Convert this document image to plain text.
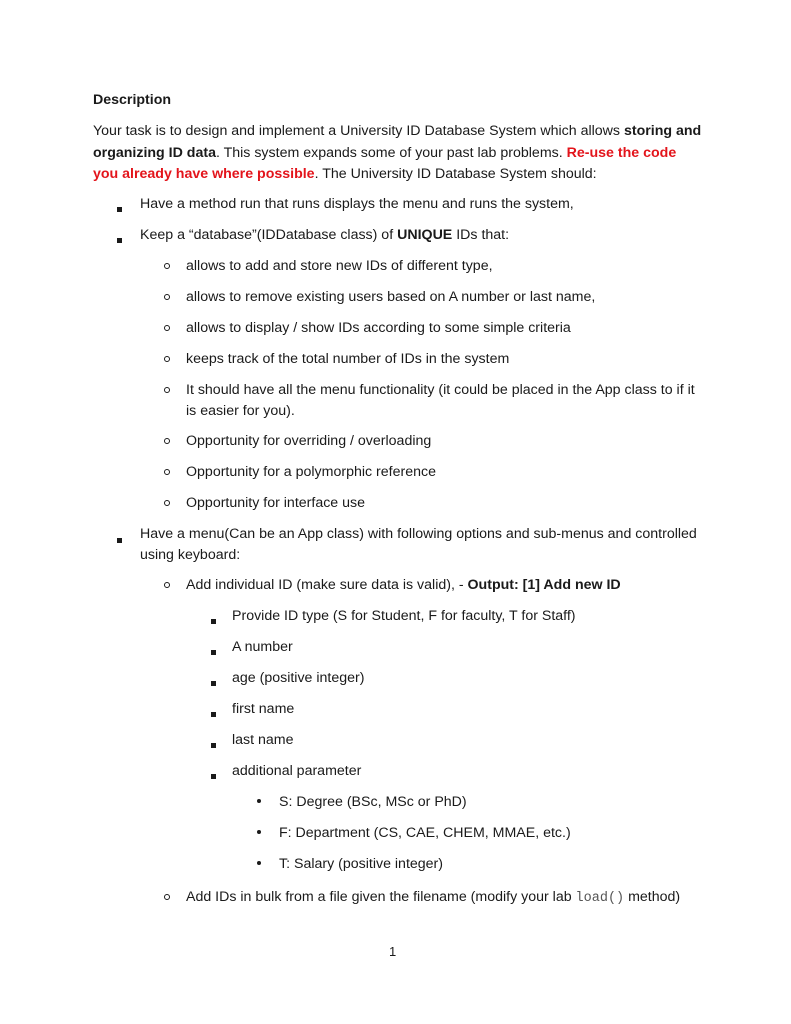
Description
Your task is to design and implement a University ID Database System which allows storing and organizing ID data. This system expands some of your past lab problems. Re-use the code you already have where possible. The University ID Database System should:
Have a method run that runs displays the menu and runs the system,
Keep a “database”(IDDatabase class) of UNIQUE IDs that:
allows to add and store new IDs of different type,
allows to remove existing users based on A number or last name,
allows to display / show IDs according to some simple criteria
keeps track of the total number of IDs in the system
It should have all the menu functionality (it could be placed in the App class to if it is easier for you).
Opportunity for overriding / overloading
Opportunity for a polymorphic reference
Opportunity for interface use
Have a menu(Can be an App class) with following options and sub-menus and controlled using keyboard:
Add individual ID (make sure data is valid), - Output: [1] Add new ID
Provide ID type (S for Student, F for faculty, T for Staff)
A number
age (positive integer)
first name
last name
additional parameter
S: Degree (BSc, MSc or PhD)
F: Department (CS, CAE, CHEM, MMAE, etc.)
T: Salary (positive integer)
Add IDs in bulk from a file given the filename (modify your lab load() method)
1
